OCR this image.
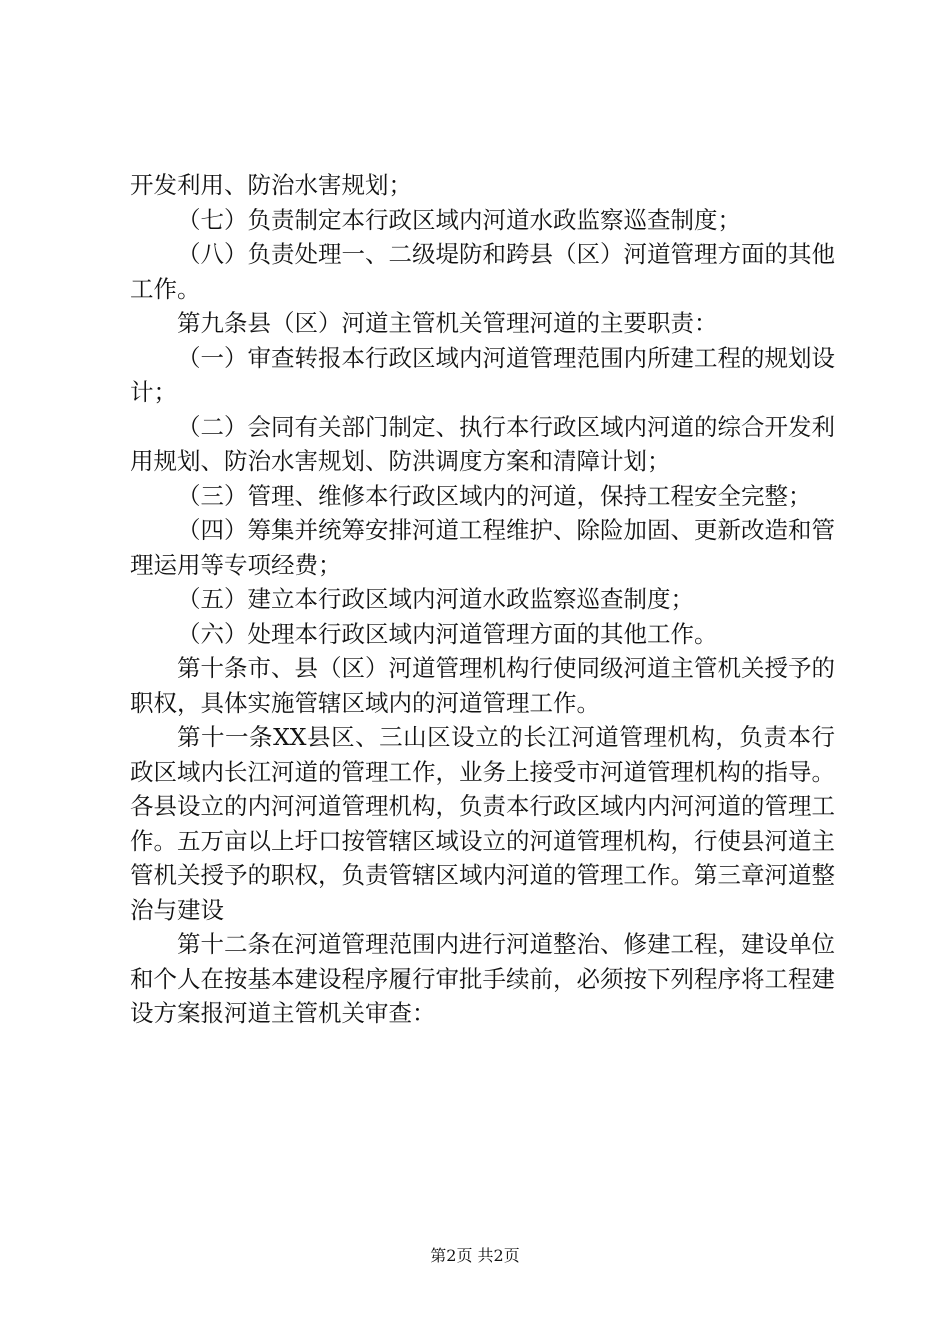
开发利用、防治水害规划；

（七）负责制定本行政区域内河道水政监察巡查制度；

（八）负责处理一、二级堤防和跨县（区）河道管理方面的其他工作。

第九条县（区）河道主管机关管理河道的主要职责：

（一）审查转报本行政区域内河道管理范围内所建工程的规划设计；

（二）会同有关部门制定、执行本行政区域内河道的综合开发利用规划、防治水害规划、防洪调度方案和清障计划；

（三）管理、维修本行政区域内的河道，保持工程安全完整；

（四）筹集并统筹安排河道工程维护、除险加固、更新改造和管理运用等专项经费；

（五）建立本行政区域内河道水政监察巡查制度；

（六）处理本行政区域内河道管理方面的其他工作。

第十条市、县（区）河道管理机构行使同级河道主管机关授予的职权，具体实施管辖区域内的河道管理工作。

第十一条XX县区、三山区设立的长江河道管理机构，负责本行政区域内长江河道的管理工作，业务上接受市河道管理机构的指导。各县设立的内河河道管理机构，负责本行政区域内内河河道的管理工作。五万亩以上圩口按管辖区域设立的河道管理机构，行使县河道主管机关授予的职权，负责管辖区域内河道的管理工作。第三章河道整治与建设

第十二条在河道管理范围内进行河道整治、修建工程，建设单位和个人在按基本建设程序履行审批手续前，必须按下列程序将工程建设方案报河道主管机关审查：

第2页 共2页
